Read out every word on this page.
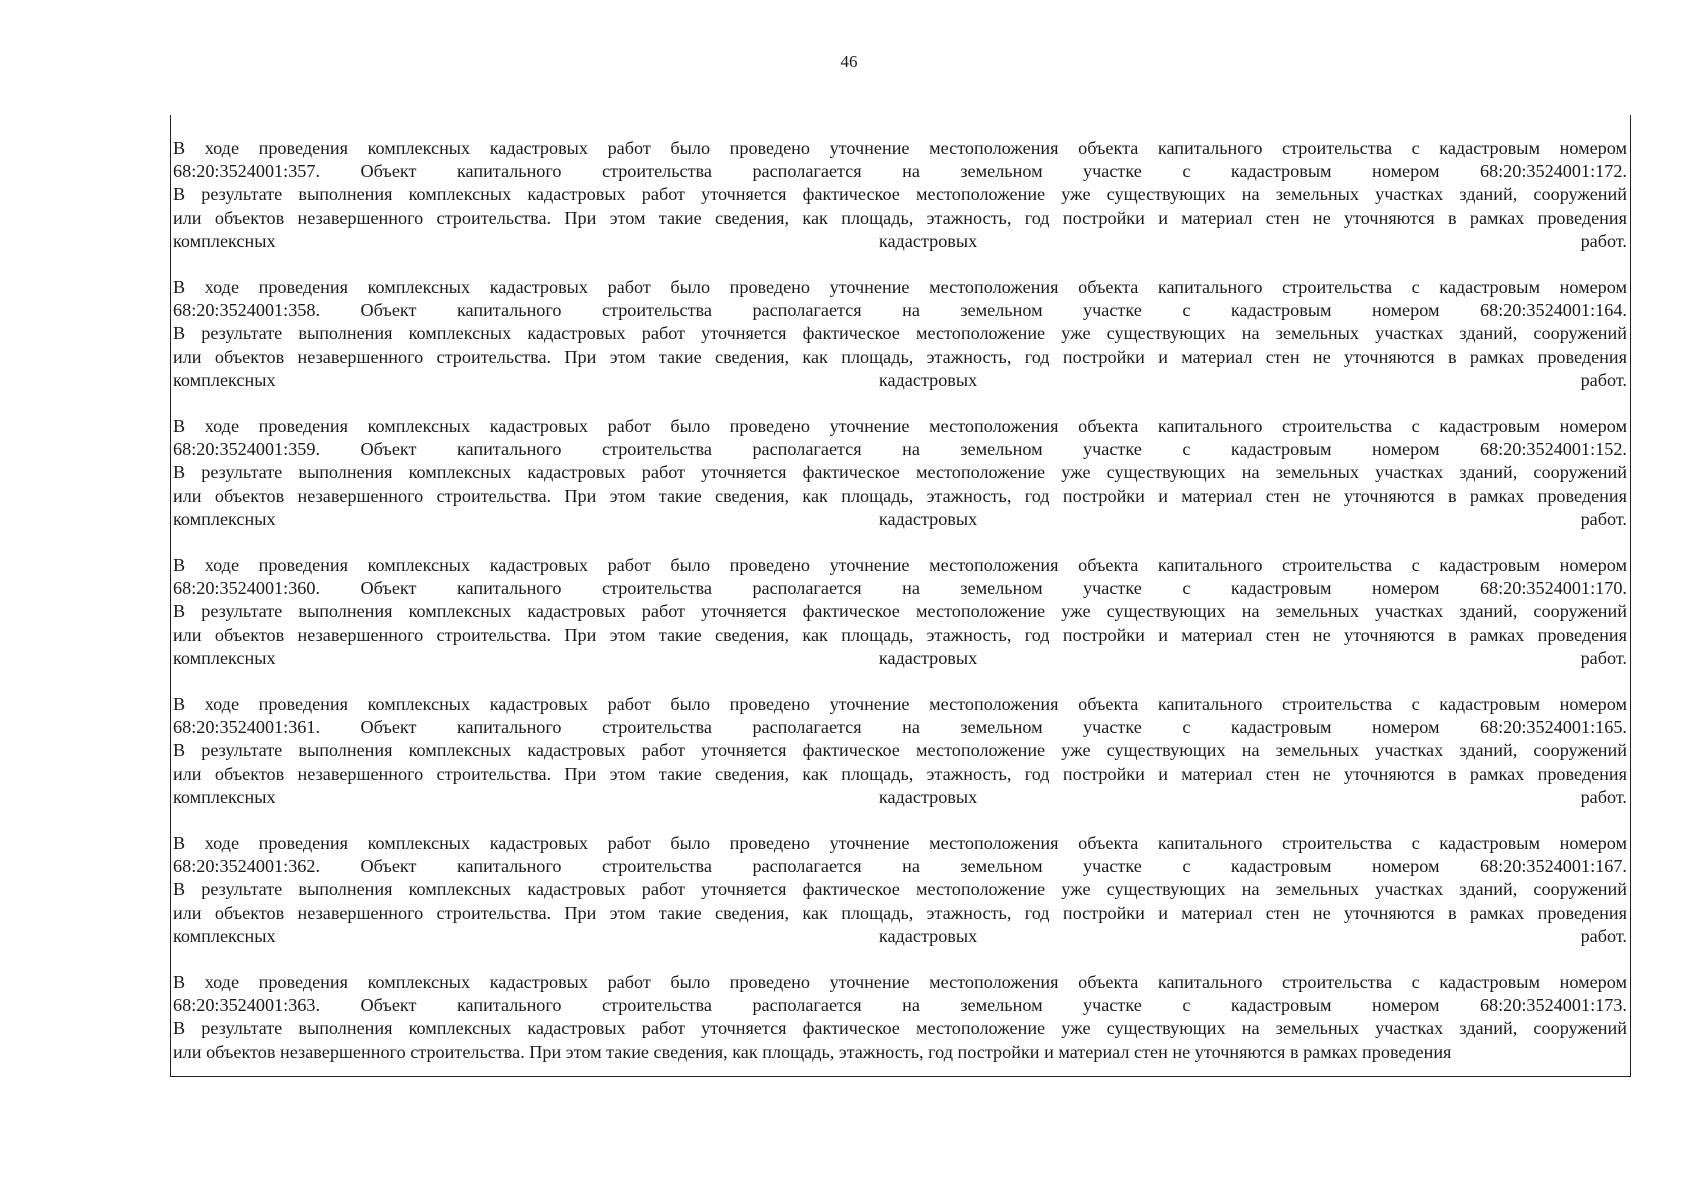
46
В ходе проведения комплексных кадастровых работ было проведено уточнение местоположения объекта капитального строительства с кадастровым номером
68:20:3524001:357. Объект капитального строительства располагается на земельном участке с кадастровым номером 68:20:3524001:172.
В результате выполнения комплексных кадастровых работ уточняется фактическое местоположение уже существующих на земельных участках зданий, сооружений
или объектов незавершенного строительства. При этом такие сведения, как площадь, этажность, год постройки и материал стен не уточняются в рамках проведения
комплексных	кадастровых	работ.
В ходе проведения комплексных кадастровых работ было проведено уточнение местоположения объекта капитального строительства с кадастровым номером
68:20:3524001:358. Объект капитального строительства располагается на земельном участке с кадастровым номером 68:20:3524001:164.
В результате выполнения комплексных кадастровых работ уточняется фактическое местоположение уже существующих на земельных участках зданий, сооружений
или объектов незавершенного строительства. При этом такие сведения, как площадь, этажность, год постройки и материал стен не уточняются в рамках проведения
комплексных	кадастровых	работ.
В ходе проведения комплексных кадастровых работ было проведено уточнение местоположения объекта капитального строительства с кадастровым номером
68:20:3524001:359. Объект капитального строительства располагается на земельном участке с кадастровым номером 68:20:3524001:152.
В результате выполнения комплексных кадастровых работ уточняется фактическое местоположение уже существующих на земельных участках зданий, сооружений
или объектов незавершенного строительства. При этом такие сведения, как площадь, этажность, год постройки и материал стен не уточняются в рамках проведения
комплексных	кадастровых	работ.
В ходе проведения комплексных кадастровых работ было проведено уточнение местоположения объекта капитального строительства с кадастровым номером
68:20:3524001:360. Объект капитального строительства располагается на земельном участке с кадастровым номером 68:20:3524001:170.
В результате выполнения комплексных кадастровых работ уточняется фактическое местоположение уже существующих на земельных участках зданий, сооружений
или объектов незавершенного строительства. При этом такие сведения, как площадь, этажность, год постройки и материал стен не уточняются в рамках проведения
комплексных	кадастровых	работ.
В ходе проведения комплексных кадастровых работ было проведено уточнение местоположения объекта капитального строительства с кадастровым номером
68:20:3524001:361. Объект капитального строительства располагается на земельном участке с кадастровым номером 68:20:3524001:165.
В результате выполнения комплексных кадастровых работ уточняется фактическое местоположение уже существующих на земельных участках зданий, сооружений
или объектов незавершенного строительства. При этом такие сведения, как площадь, этажность, год постройки и материал стен не уточняются в рамках проведения
комплексных	кадастровых	работ.
В ходе проведения комплексных кадастровых работ было проведено уточнение местоположения объекта капитального строительства с кадастровым номером
68:20:3524001:362. Объект капитального строительства располагается на земельном участке с кадастровым номером 68:20:3524001:167.
В результате выполнения комплексных кадастровых работ уточняется фактическое местоположение уже существующих на земельных участках зданий, сооружений
или объектов незавершенного строительства. При этом такие сведения, как площадь, этажность, год постройки и материал стен не уточняются в рамках проведения
комплексных	кадастровых	работ.
В ходе проведения комплексных кадастровых работ было проведено уточнение местоположения объекта капитального строительства с кадастровым номером
68:20:3524001:363. Объект капитального строительства располагается на земельном участке с кадастровым номером 68:20:3524001:173.
В результате выполнения комплексных кадастровых работ уточняется фактическое местоположение уже существующих на земельных участках зданий, сооружений
или объектов незавершенного строительства. При этом такие сведения, как площадь, этажность, год постройки и материал стен не уточняются в рамках проведения
